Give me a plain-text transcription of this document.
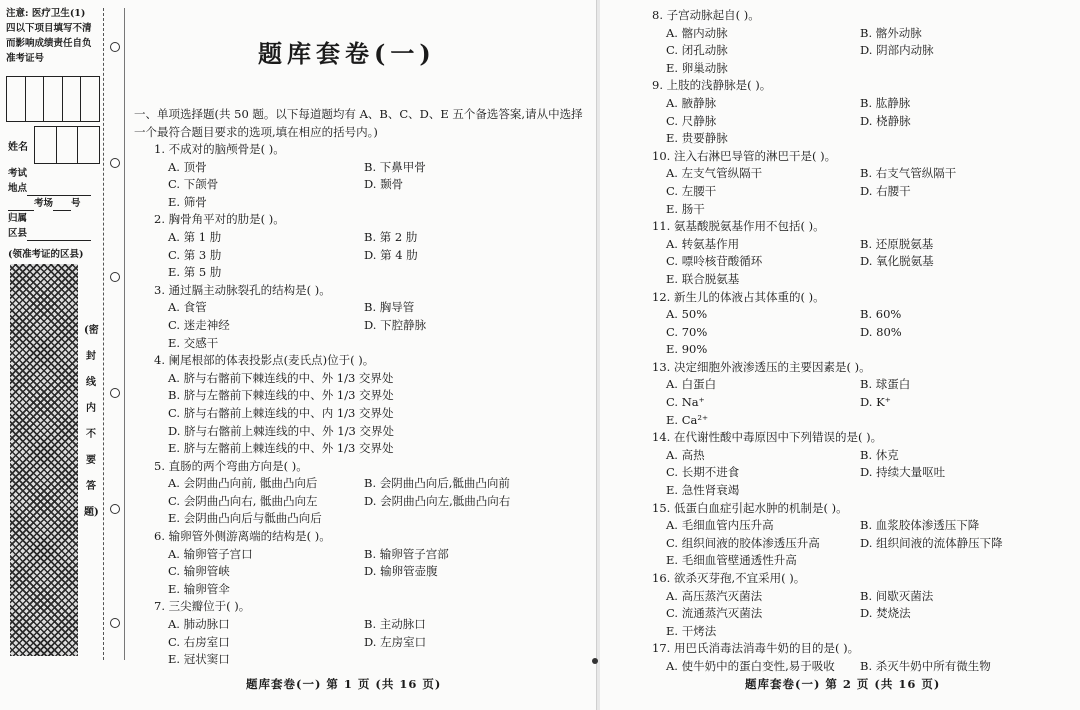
注意: 医疗卫生(1)
四以下项目填写不清
而影响成绩责任自负
准考证号
姓名
考试
地点
考场 号
归属
区县
(领准考证的区县)
(密
封
线
内
不
要
答
题)
题库套卷(一)
一、单项选择题(共 50 题。以下每道题均有 A、B、C、D、E 五个备选答案,请从中选择一个最符合题目要求的选项,填在相应的括号内。)
1. 不成对的脑颅骨是( )。
A. 顶骨	B. 下鼻甲骨
C. 下颌骨	D. 颞骨
E. 筛骨
2. 胸骨角平对的肋是( )。
A. 第 1 肋	B. 第 2 肋
C. 第 3 肋	D. 第 4 肋
E. 第 5 肋
3. 通过膈主动脉裂孔的结构是( )。
A. 食管	B. 胸导管
C. 迷走神经	D. 下腔静脉
E. 交感干
4. 阑尾根部的体表投影点(麦氏点)位于( )。
A. 脐与右髂前下棘连线的中、外 1/3 交界处
B. 脐与左髂前下棘连线的中、外 1/3 交界处
C. 脐与右髂前上棘连线的中、内 1/3 交界处
D. 脐与右髂前上棘连线的中、外 1/3 交界处
E. 脐与左髂前上棘连线的中、外 1/3 交界处
5. 直肠的两个弯曲方向是( )。
A. 会阴曲凸向前, 骶曲凸向后	B. 会阴曲凸向后,骶曲凸向前
C. 会阴曲凸向右, 骶曲凸向左	D. 会阴曲凸向左,骶曲凸向右
E. 会阴曲凸向后与骶曲凸向后
6. 输卵管外侧游离端的结构是( )。
A. 输卵管子宫口	B. 输卵管子宫部
C. 输卵管峡	D. 输卵管壶腹
E. 输卵管伞
7. 三尖瓣位于( )。
A. 肺动脉口	B. 主动脉口
C. 右房室口	D. 左房室口
E. 冠状窦口
题库套卷(一) 第 1 页 (共 16 页)
8. 子宫动脉起自( )。
A. 髂内动脉	B. 髂外动脉
C. 闭孔动脉	D. 阴部内动脉
E. 卵巢动脉
9. 上肢的浅静脉是( )。
A. 腋静脉	B. 肱静脉
C. 尺静脉	D. 桡静脉
E. 贵要静脉
10. 注入右淋巴导管的淋巴干是( )。
A. 左支气管纵隔干	B. 右支气管纵隔干
C. 左腰干	D. 右腰干
E. 肠干
11. 氨基酸脱氨基作用不包括( )。
A. 转氨基作用	B. 还原脱氨基
C. 嘌呤核苷酸循环	D. 氧化脱氨基
E. 联合脱氨基
12. 新生儿的体液占其体重的( )。
A. 50%	B. 60%
C. 70%	D. 80%
E. 90%
13. 决定细胞外液渗透压的主要因素是( )。
A. 白蛋白	B. 球蛋白
C. Na⁺	D. K⁺
E. Ca²⁺
14. 在代谢性酸中毒原因中下列错误的是( )。
A. 高热	B. 休克
C. 长期不进食	D. 持续大量呕吐
E. 急性肾衰竭
15. 低蛋白血症引起水肿的机制是( )。
A. 毛细血管内压升高	B. 血浆胶体渗透压下降
C. 组织间液的胶体渗透压升高	D. 组织间液的流体静压下降
E. 毛细血管壁通透性升高
16. 欲杀灭芽孢,不宜采用( )。
A. 高压蒸汽灭菌法	B. 间歇灭菌法
C. 流通蒸汽灭菌法	D. 焚烧法
E. 干烤法
17. 用巴氏消毒法消毒牛奶的目的是( )。
A. 使牛奶中的蛋白变性,易于吸收 B. 杀灭牛奶中所有微生物
题库套卷(一) 第 2 页 (共 16 页)
